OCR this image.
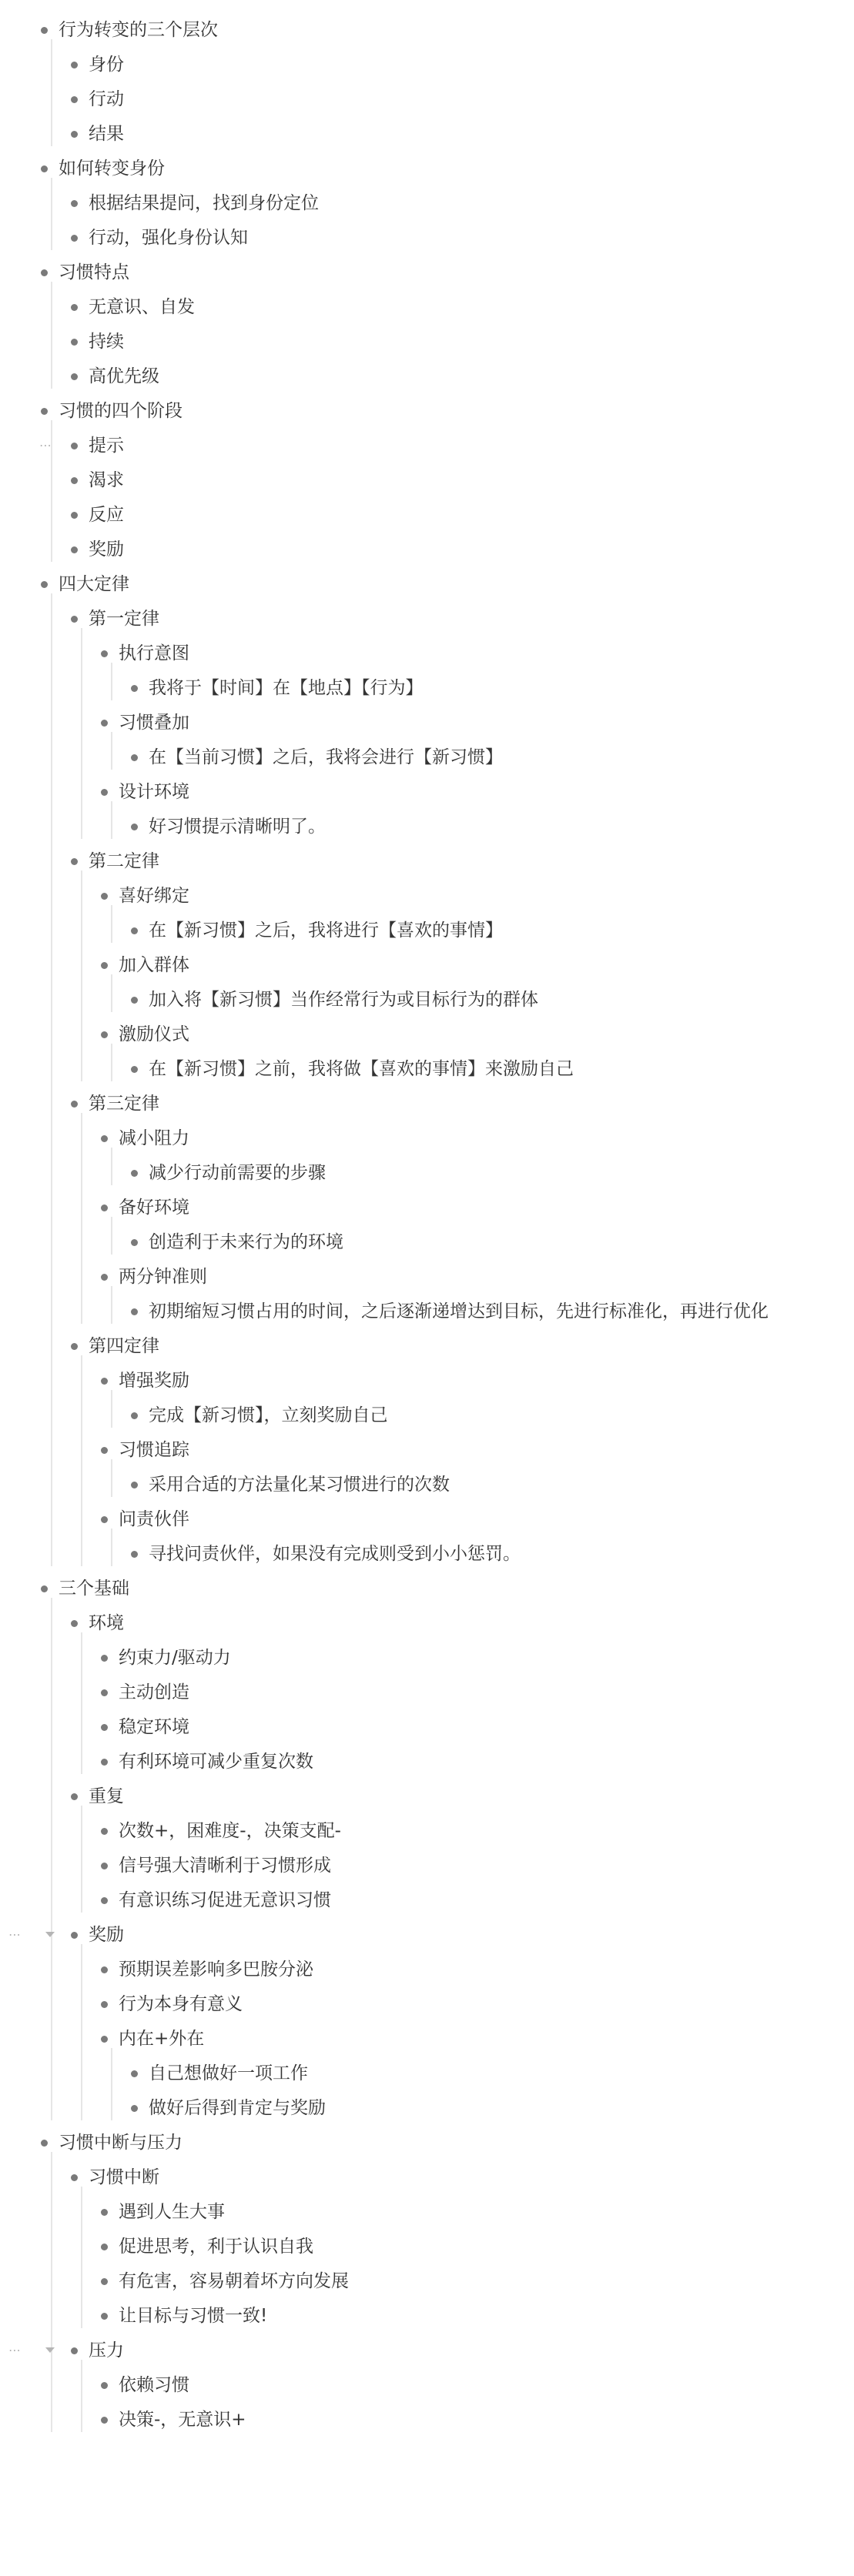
行为转变的三个层次
身份
行动
结果
如何转变身份
根据结果提问，找到身份定位
行动，强化身份认知
习惯特点
无意识、自发
持续
高优先级
习惯的四个阶段
提示
⋯
渴求
反应
奖励
四大定律
第一定律
执行意图
我将于【时间】在【地点】【行为】
习惯叠加
在【当前习惯】之后，我将会进行【新习惯】
设计环境
好习惯提示清晰明了。
第二定律
喜好绑定
在【新习惯】之后，我将进行【喜欢的事情】
加入群体
加入将【新习惯】当作经常行为或目标行为的群体
激励仪式
在【新习惯】之前，我将做【喜欢的事情】来激励自己
第三定律
减小阻力
减少行动前需要的步骤
备好环境
创造利于未来行为的环境
两分钟准则
初期缩短习惯占用的时间，之后逐渐递增达到目标，先进行标准化，再进行优化
第四定律
增强奖励
完成【新习惯】，立刻奖励自己
习惯追踪
采用合适的方法量化某习惯进行的次数
问责伙伴
寻找问责伙伴，如果没有完成则受到小小惩罚。
三个基础
环境
约束力/驱动力
主动创造
稳定环境
有利环境可减少重复次数
重复
次数+，困难度-，决策支配-
信号强大清晰利于习惯形成
有意识练习促进无意识习惯
奖励
⋯
预期误差影响多巴胺分泌
行为本身有意义
内在+外在
自己想做好一项工作
做好后得到肯定与奖励
习惯中断与压力
习惯中断
遇到人生大事
促进思考，利于认识自我
有危害，容易朝着坏方向发展
让目标与习惯一致!
压力
⋯
依赖习惯
决策-，无意识+
